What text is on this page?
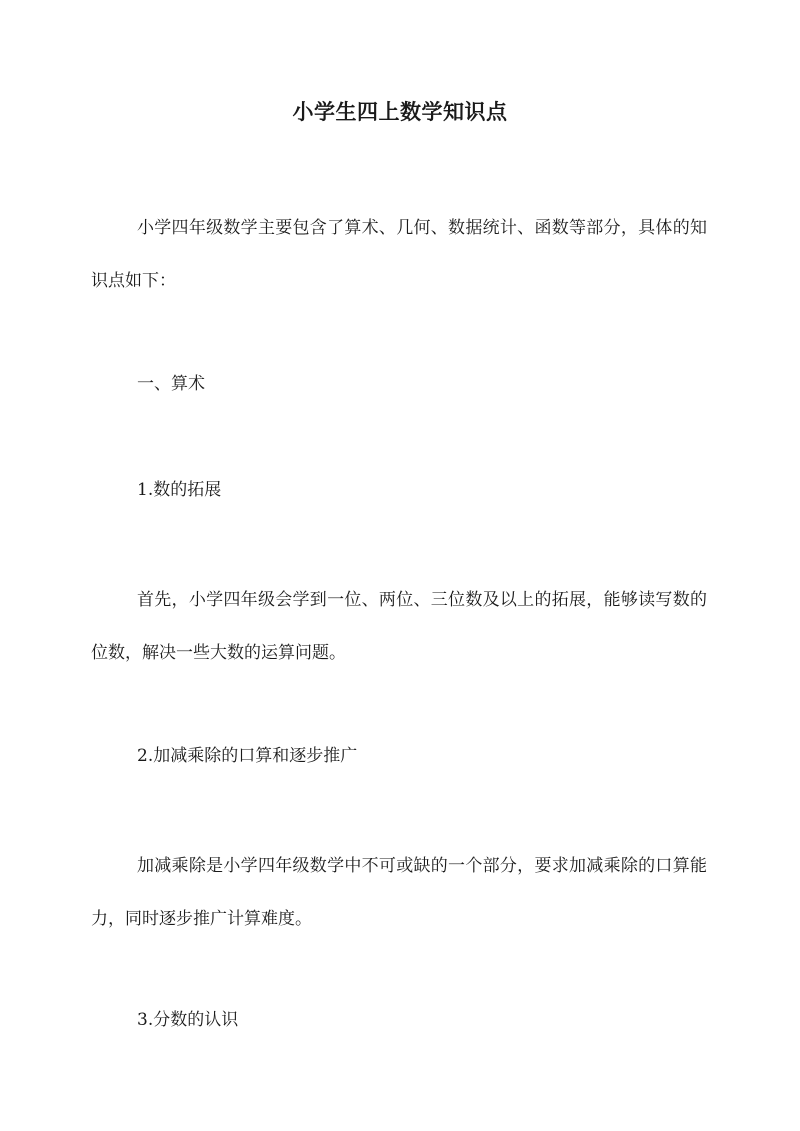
小学生四上数学知识点

小学四年级数学主要包含了算术、几何、数据统计、函数等部分，具体的知识点如下：

一、算术

1.数的拓展

首先，小学四年级会学到一位、两位、三位数及以上的拓展，能够读写数的位数，解决一些大数的运算问题。

2.加减乘除的口算和逐步推广

加减乘除是小学四年级数学中不可或缺的一个部分，要求加减乘除的口算能力，同时逐步推广计算难度。

3.分数的认识
